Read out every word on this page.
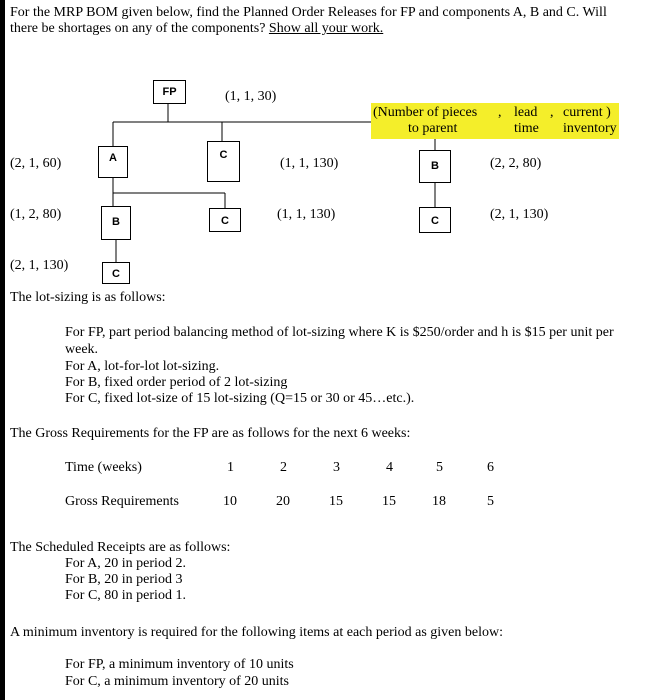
For the MRP BOM given below, find the Planned Order Releases for FP and components A, B and C. Will
there be shortages on any of the components? Show all your work.
FP
A	C
B
B	C	C
C
(1, 1, 30)
(2, 1, 60)	(1, 1, 130)	(2, 2, 80)
(1, 2, 80)	(1, 1, 130)	(2, 1, 130)
(2, 1, 130)
(Number of pieces
to parent
, lead
time
, current )
inventory
The lot-sizing is as follows:
For FP, part period balancing method of lot-sizing where K is $250/order and h is $15 per unit per
week.
For A, lot-for-lot lot-sizing.
For B, fixed order period of 2 lot-sizing
For C, fixed lot-size of 15 lot-sizing (Q=15 or 30 or 45…etc.).
The Gross Requirements for the FP are as follows for the next 6 weeks:
Time (weeks)	1	2	3	4	5	6
Gross Requirements	10	20	15	15	18	5
The Scheduled Receipts are as follows:
For A, 20 in period 2.
For B, 20 in period 3
For C, 80 in period 1.
A minimum inventory is required for the following items at each period as given below:
For FP, a minimum inventory of 10 units
For C, a minimum inventory of 20 units
